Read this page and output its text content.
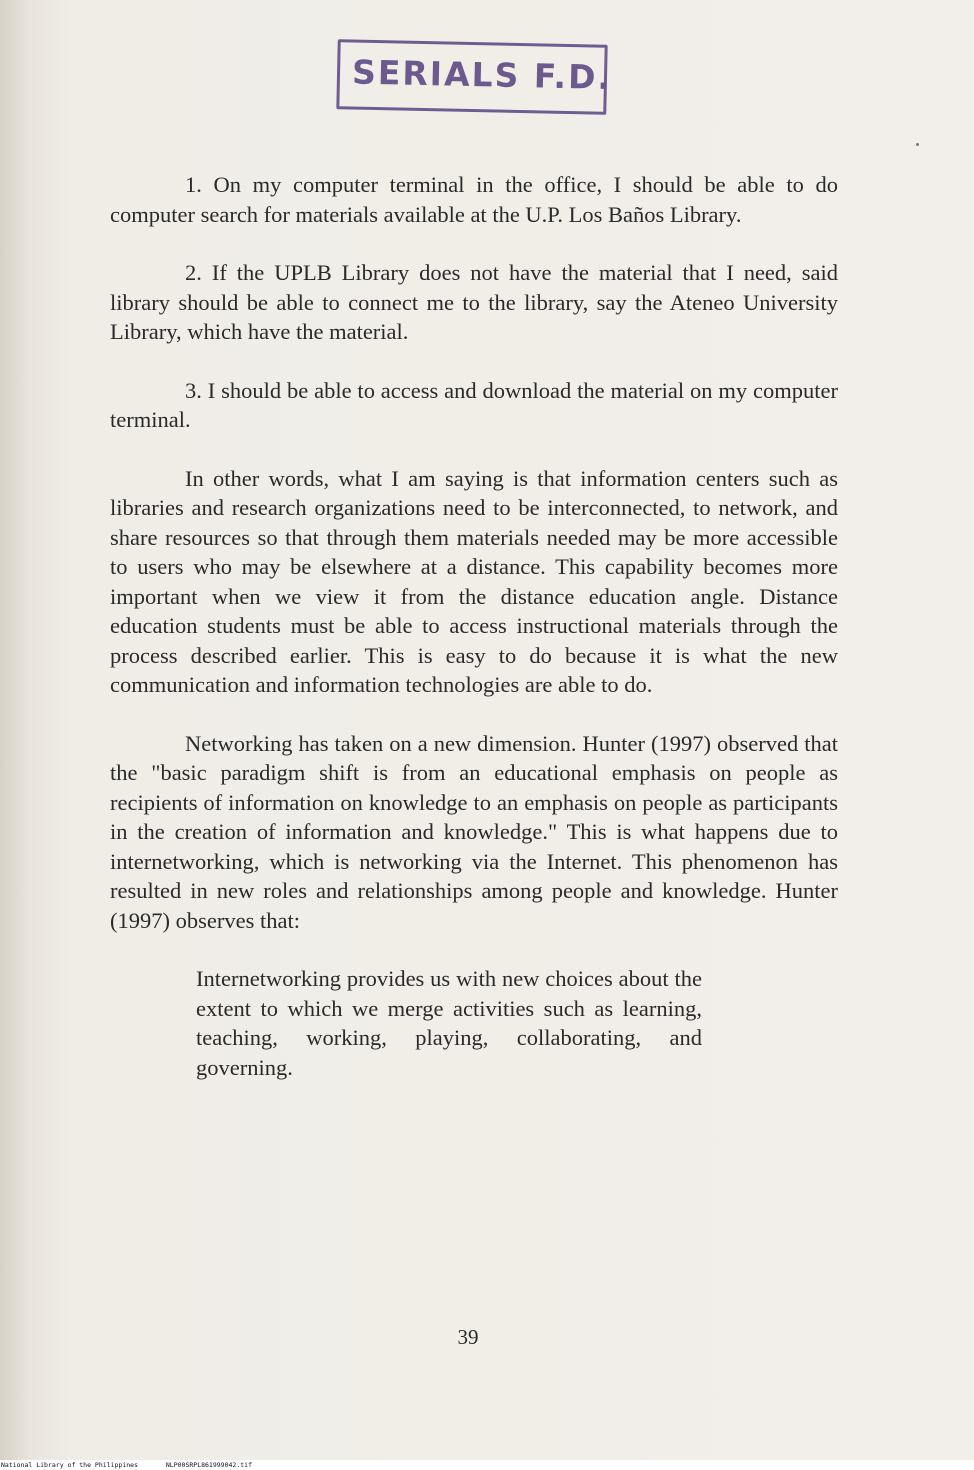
SERIALS F.D.

1. On my computer terminal in the office, I should be able to do computer search for materials available at the U.P. Los Baños Library.

2. If the UPLB Library does not have the material that I need, said library should be able to connect me to the library, say the Ateneo University Library, which have the material.

3. I should be able to access and download the material on my computer terminal.

In other words, what I am saying is that information centers such as libraries and research organizations need to be interconnected, to network, and share resources so that through them materials needed may be more accessible to users who may be elsewhere at a distance. This capability becomes more important when we view it from the distance education angle. Distance education students must be able to access instructional materials through the process described earlier. This is easy to do because it is what the new communication and information technologies are able to do.

Networking has taken on a new dimension. Hunter (1997) observed that the "basic paradigm shift is from an educational emphasis on people as recipients of information on knowledge to an emphasis on people as participants in the creation of information and knowledge." This is what happens due to internetworking, which is networking via the Internet. This phenomenon has resulted in new roles and relationships among people and knowledge. Hunter (1997) observes that:

Internetworking provides us with new choices about the extent to which we merge activities such as learning, teaching, working, playing, collaborating, and governing.

39
National Library of the Philippines	NLP00SRPL861999042.tif
